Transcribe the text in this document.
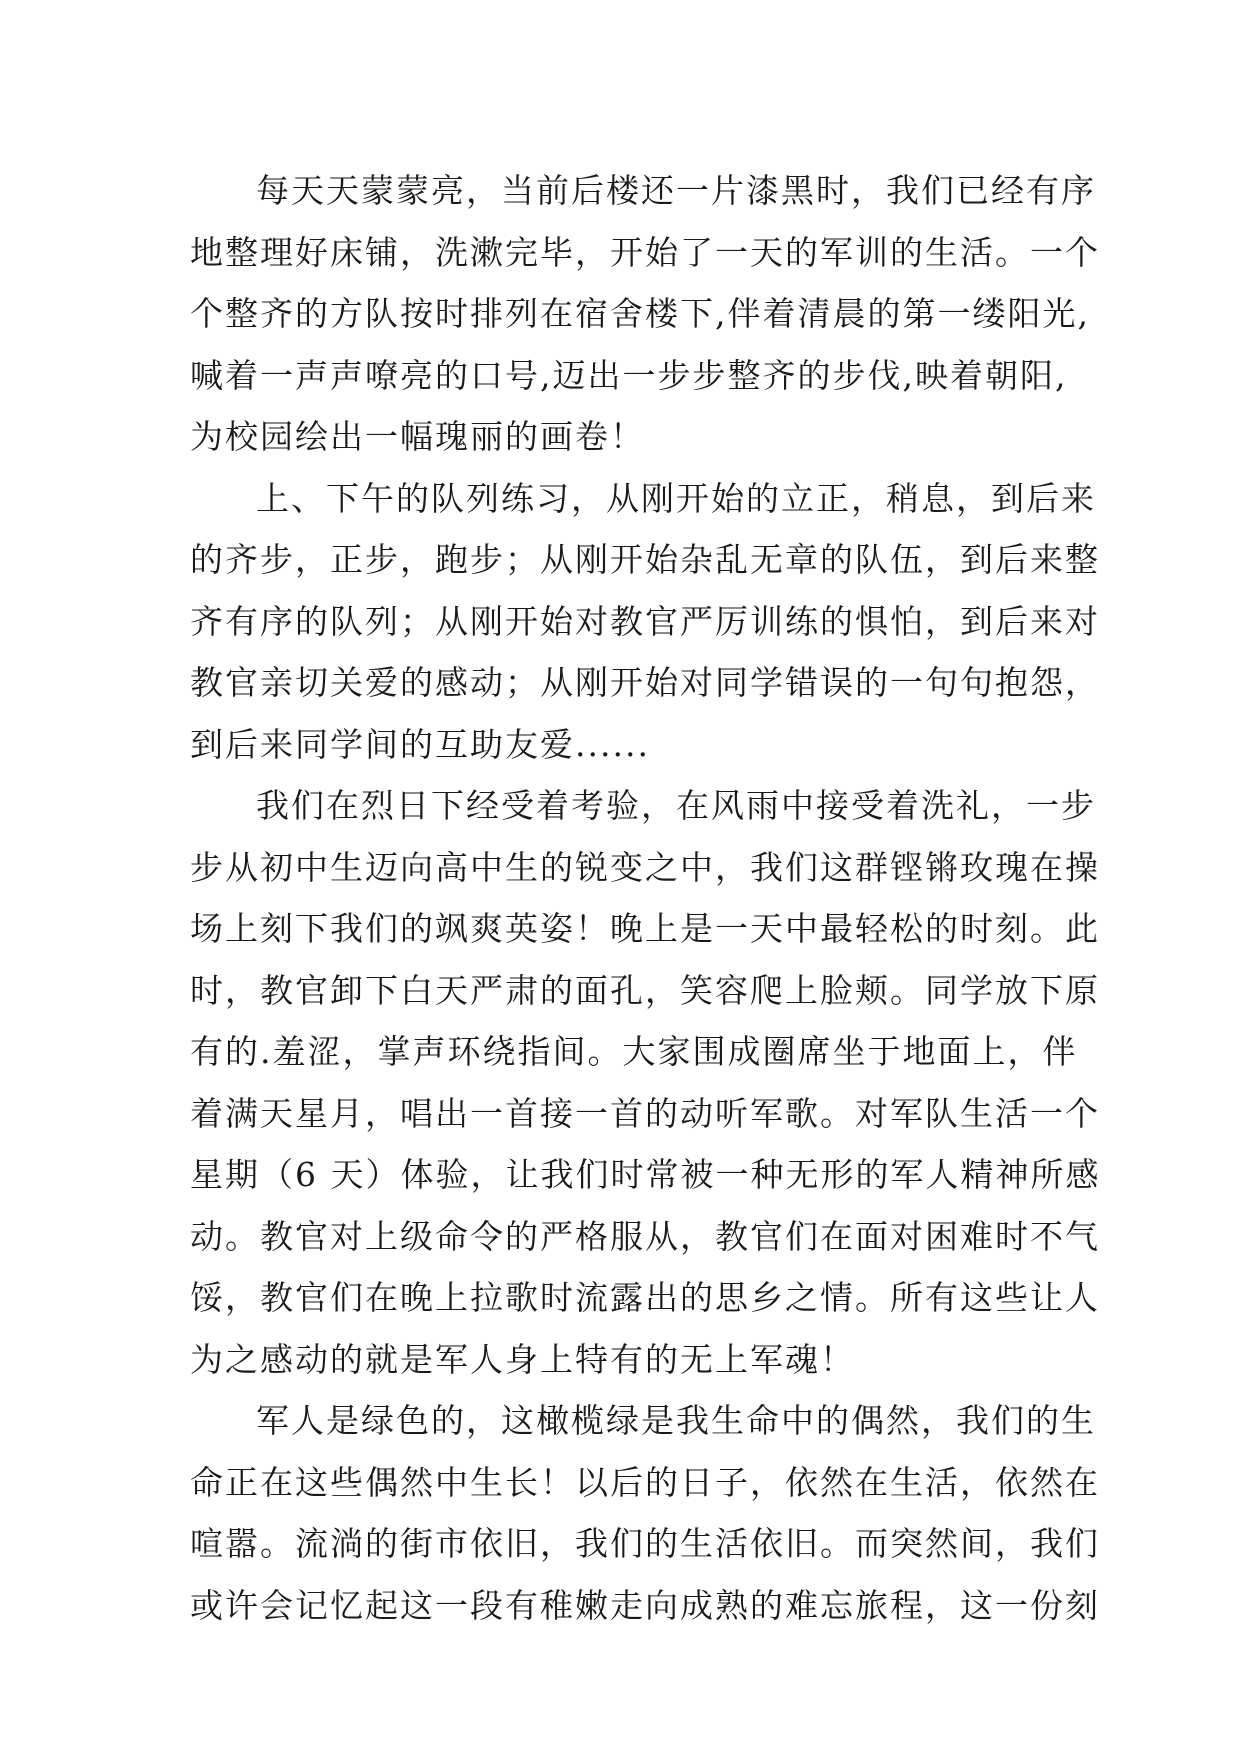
每天天蒙蒙亮，当前后楼还一片漆黑时，我们已经有序

地整理好床铺，洗漱完毕，开始了一天的军训的生活。一个

个整齐的方队按时排列在宿舍楼下,伴着清晨的第一缕阳光,

喊着一声声嘹亮的口号,迈出一步步整齐的步伐,映着朝阳,

为校园绘出一幅瑰丽的画卷！

上、下午的队列练习，从刚开始的立正，稍息，到后来

的齐步，正步，跑步；从刚开始杂乱无章的队伍，到后来整

齐有序的队列；从刚开始对教官严厉训练的惧怕，到后来对

教官亲切关爱的感动；从刚开始对同学错误的一句句抱怨，

到后来同学间的互助友爱......

我们在烈日下经受着考验，在风雨中接受着洗礼，一步

步从初中生迈向高中生的锐变之中，我们这群铿锵玫瑰在操

场上刻下我们的飒爽英姿！晚上是一天中最轻松的时刻。此

时，教官卸下白天严肃的面孔，笑容爬上脸颊。同学放下原

有的.羞涩，掌声环绕指间。大家围成圈席坐于地面上，伴

着满天星月，唱出一首接一首的动听军歌。对军队生活一个

星期（6 天）体验，让我们时常被一种无形的军人精神所感

动。教官对上级命令的严格服从，教官们在面对困难时不气

馁，教官们在晚上拉歌时流露出的思乡之情。所有这些让人

为之感动的就是军人身上特有的无上军魂！

军人是绿色的，这橄榄绿是我生命中的偶然，我们的生

命正在这些偶然中生长！以后的日子，依然在生活，依然在

喧嚣。流淌的街市依旧，我们的生活依旧。而突然间，我们

或许会记忆起这一段有稚嫩走向成熟的难忘旅程，这一份刻
